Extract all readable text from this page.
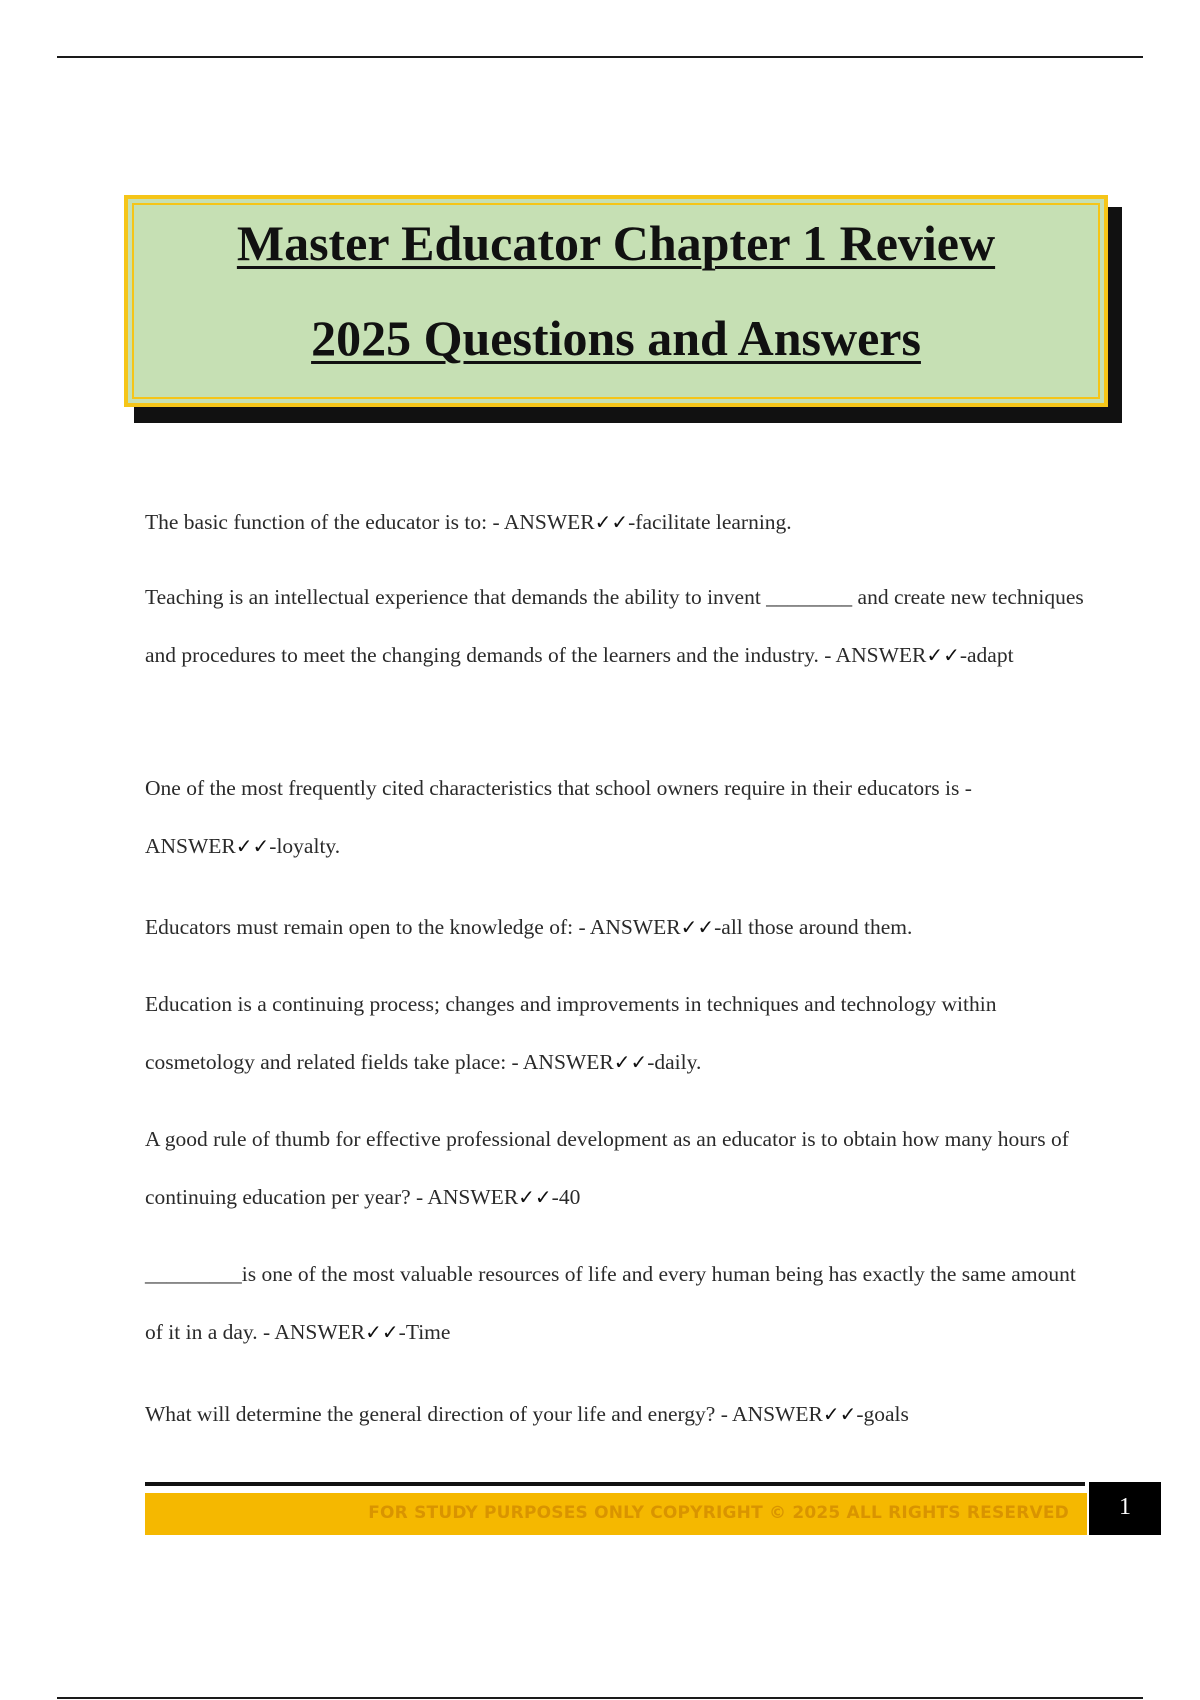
Master Educator Chapter 1 Review
2025 Questions and Answers
The basic function of the educator is to: - ANSWER✓✓-facilitate learning.
Teaching is an intellectual experience that demands the ability to invent ________ and create new techniques and procedures to meet the changing demands of the learners and the industry. - ANSWER✓✓-adapt
One of the most frequently cited characteristics that school owners require in their educators is - ANSWER✓✓-loyalty.
Educators must remain open to the knowledge of: - ANSWER✓✓-all those around them.
Education is a continuing process; changes and improvements in techniques and technology within cosmetology and related fields take place: - ANSWER✓✓-daily.
A good rule of thumb for effective professional development as an educator is to obtain how many hours of continuing education per year? - ANSWER✓✓-40
_________is one of the most valuable resources of life and every human being has exactly the same amount of it in a day. - ANSWER✓✓-Time
What will determine the general direction of your life and energy? - ANSWER✓✓-goals
FOR STUDY PURPOSES ONLY COPYRIGHT © 2025 ALL RIGHTS RESERVED	1
